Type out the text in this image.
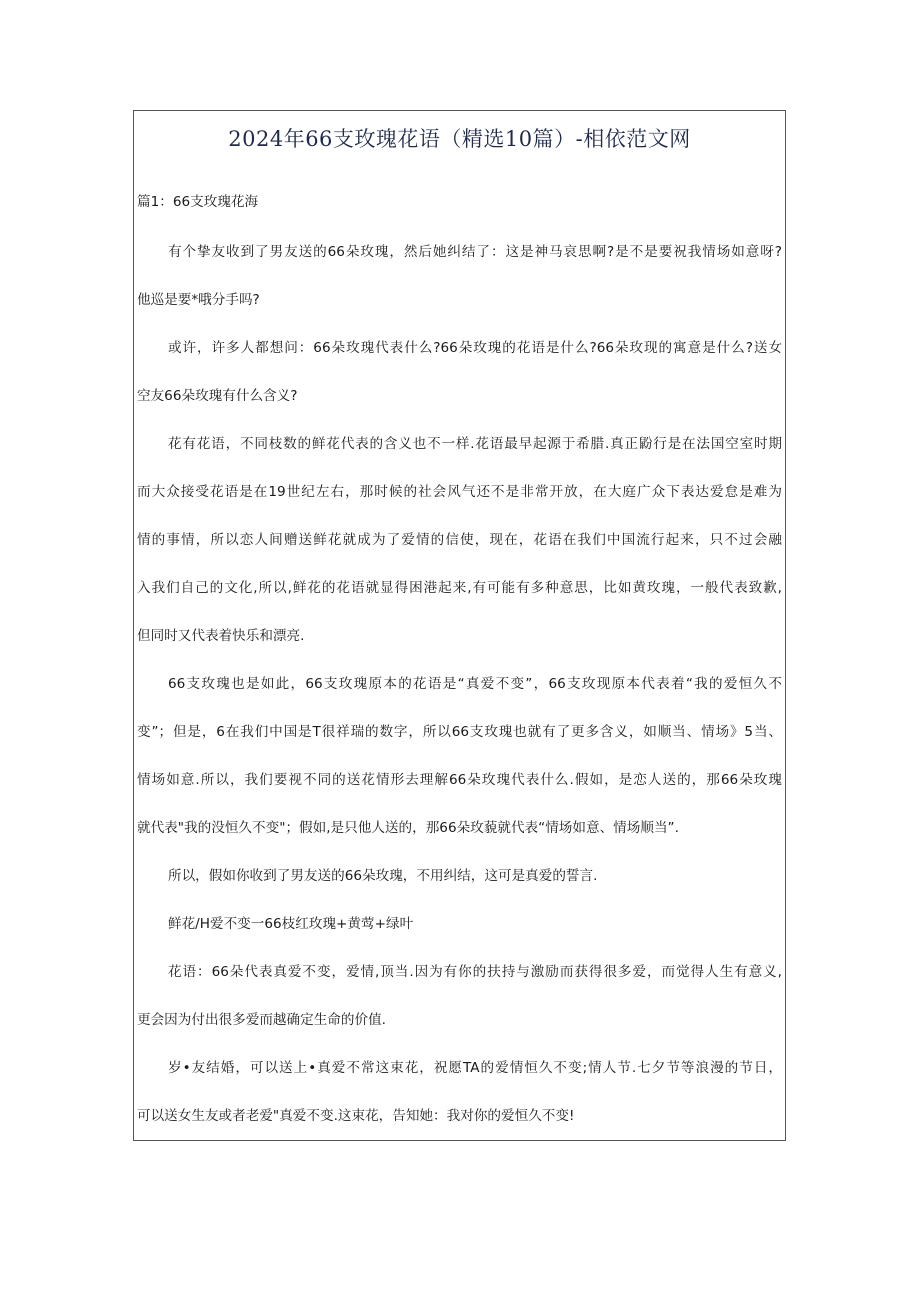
2024年66支玫瑰花语（精选10篇）-相依范文网
篇1：66支玫瑰花海
有个挚友收到了男友送的66朵玫瑰，然后她纠结了：这是神马哀思啊?是不是要祝我情场如意呀?
他巡是要*哦分手吗?
或许，许多人都想问：66朵玫瑰代表什么?66朵玫瑰的花语是什么?66朵玫现的寓意是什么?送女
空友66朵玫瑰有什么含义?
花有花语，不同枝数的鲜花代表的含义也不一样.花语最早起源于希腊.真正鼢行是在法国空室时期
而大众接受花语是在19世纪左右，那时候的社会风气还不是非常开放，在大庭广众下表达爱怠是难为
情的事情，所以恋人间赠送鲜花就成为了爱情的信使，现在，花语在我们中国流行起来，只不过会融
入我们自己的文化,所以,鲜花的花语就显得困港起来,有可能有多种意思，比如黄玫瑰，一般代表致歉,
但同时又代表着快乐和漂亮.
66支玫瑰也是如此，66支玫瑰原本的花语是“真爱不变”，66支玫现原本代表着“我的爱恒久不
变”；但是，6在我们中国是T很祥瑞的数字，所以66支玫瑰也就有了更多含义，如顺当、情场》5当、
情场如意.所以，我们要视不同的送花情形去理解66朵玫瑰代表什么.假如，是恋人送的，那66朵玫瑰
就代表"我的没恒久不变"；假如,是只他人送的，那66朵玫藐就代表“情场如意、情场顺当”.
所以，假如你收到了男友送的66朵玫瑰，不用纠结，这可是真爱的誓言.
鲜花/H爱不变一66枝红玫瑰+黄莺+绿叶
花语：66朵代表真爱不变，爱情,顶当.因为有你的扶持与激励而获得很多爱，而觉得人生有意义,
更会因为付出很多爱而越确定生命的价值.
岁•友结婚，可以送上•真爱不常这束花，祝愿TA的爱情恒久不变;情人节.七夕节等浪漫的节日，
可以送女生友或者老爱"真爱不变.这束花，告知她：我对你的爱恒久不变!
